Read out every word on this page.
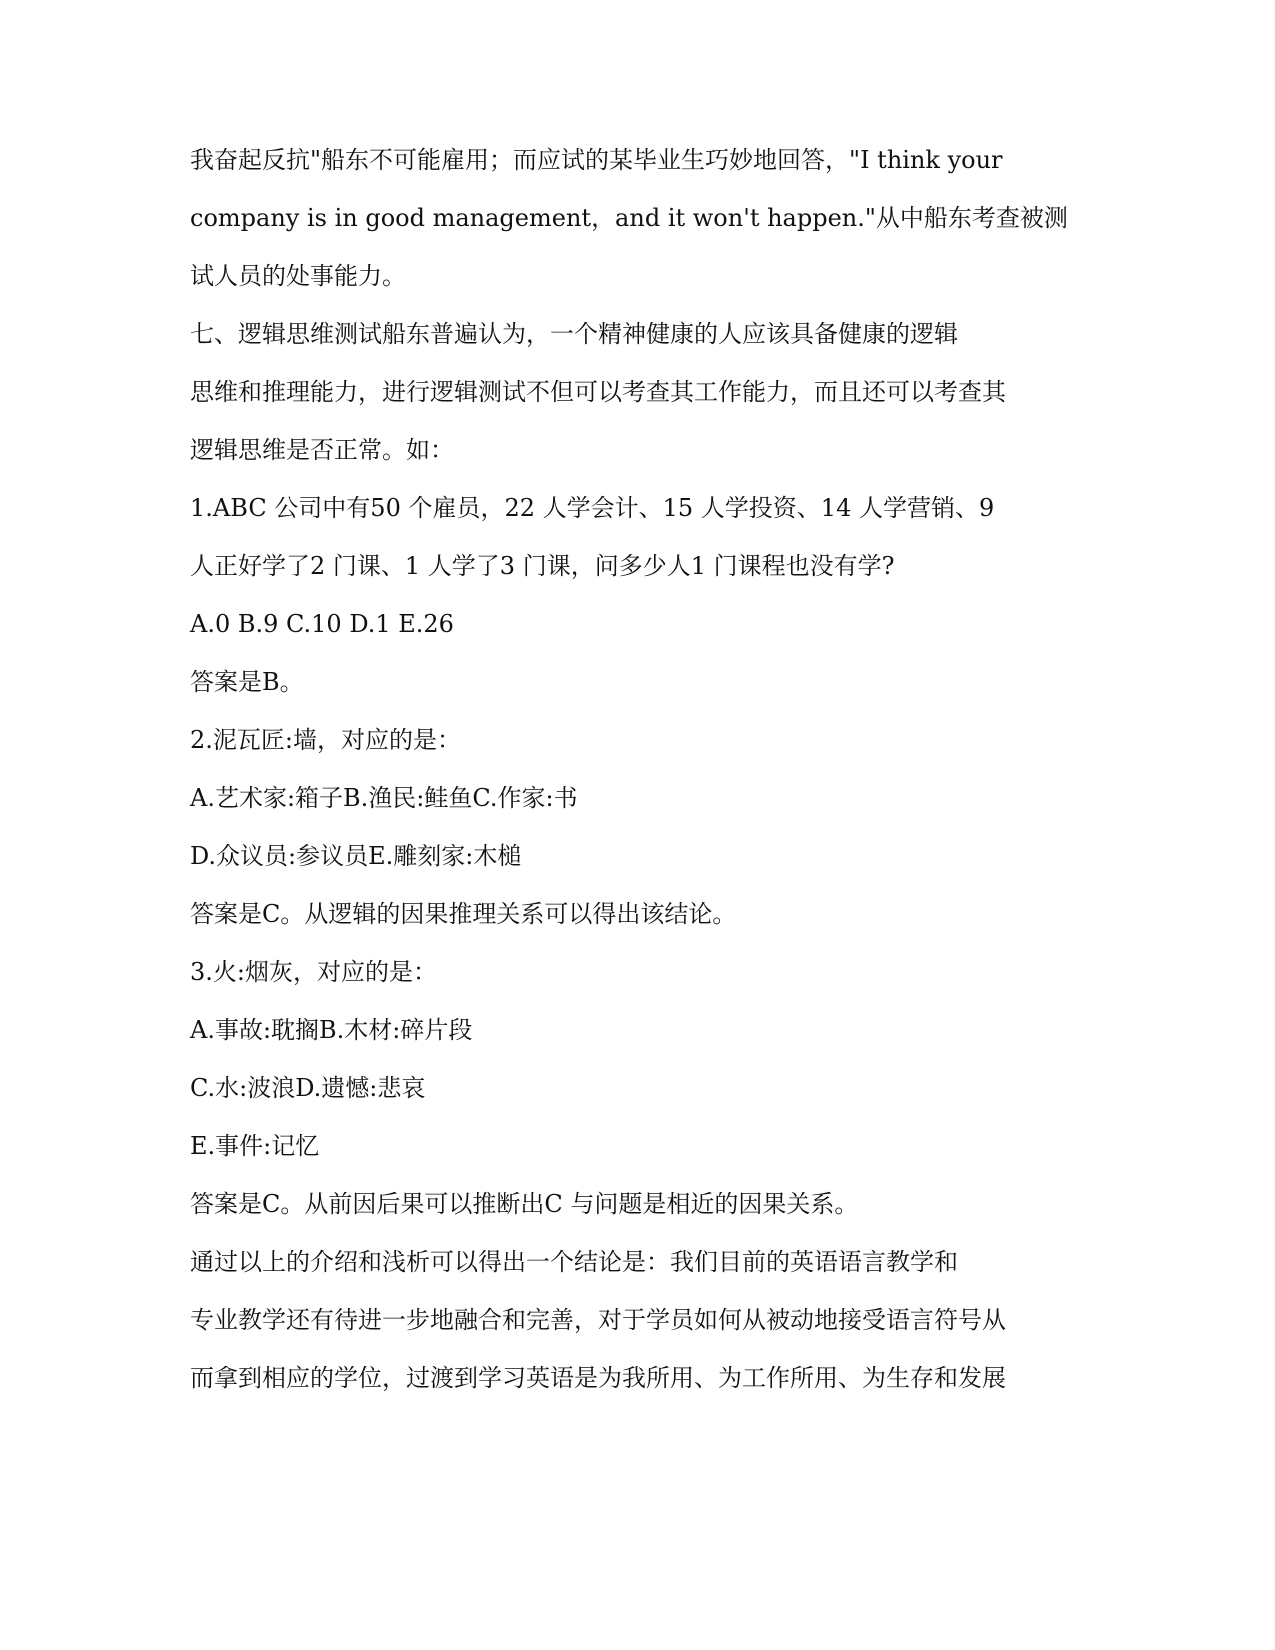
我奋起反抗"船东不可能雇用；而应试的某毕业生巧妙地回答，"I think your

company is in good management，and it won't happen."从中船东考查被测

试人员的处事能力。

七、逻辑思维测试船东普遍认为，一个精神健康的人应该具备健康的逻辑

思维和推理能力，进行逻辑测试不但可以考查其工作能力，而且还可以考查其

逻辑思维是否正常。如：

1.ABC 公司中有50 个雇员，22 人学会计、15 人学投资、14 人学营销、9

人正好学了2 门课、1 人学了3 门课，问多少人1 门课程也没有学?

A.0 B.9 C.10 D.1 E.26

答案是B。

2.泥瓦匠:墙，对应的是：

A.艺术家:箱子B.渔民:鲑鱼C.作家:书

D.众议员:参议员E.雕刻家:木槌

答案是C。从逻辑的因果推理关系可以得出该结论。

3.火:烟灰，对应的是：

A.事故:耽搁B.木材:碎片段

C.水:波浪D.遗憾:悲哀

E.事件:记忆

答案是C。从前因后果可以推断出C 与问题是相近的因果关系。

通过以上的介绍和浅析可以得出一个结论是：我们目前的英语语言教学和

专业教学还有待进一步地融合和完善，对于学员如何从被动地接受语言符号从

而拿到相应的学位，过渡到学习英语是为我所用、为工作所用、为生存和发展
